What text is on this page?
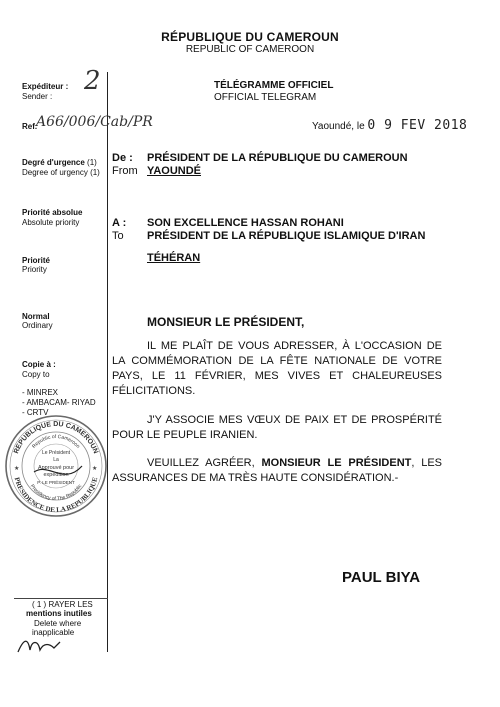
RÉPUBLIQUE DU CAMEROUN
REPUBLIC OF CAMEROON
Expéditeur :
Sender :
2
Ref.
A66/006/Cab/PR
Degré d'urgence (1)
Degree of urgency (1)
Priorité absolue
Absolute priority
Priorité
Priority
Normal
Ordinary
Copie à :
Copy to
- MINREX
- AMBACAM- RIYAD
- CRTV
REPUBLIQUE DU CAMEROUN
PRESIDENCE DE LA REPUBLIQUE
Republic of Cameroon
Presidency of The Republic
Le Président
La
Approuvé pour
expédition
P. LE PRÉSIDENT
★	★
( 1 ) RAYER LES
mentions inutiles
Delete where
inapplicable
TÉLÉGRAMME OFFICIEL
OFFICIAL TELEGRAM
Yaoundé, le 0 9 FEV 2018
De :
From
PRÉSIDENT DE LA RÉPUBLIQUE DU CAMEROUN
YAOUNDÉ
A :
To
SON EXCELLENCE HASSAN ROHANI
PRÉSIDENT DE LA RÉPUBLIQUE ISLAMIQUE D'IRAN
TÉHÉRAN
MONSIEUR LE PRÉSIDENT,
IL ME PLAÎT DE VOUS ADRESSER, À L'OCCASION DE LA COMMÉMORATION DE LA FÊTE NATIONALE DE VOTRE PAYS, LE 11 FÉVRIER, MES VIVES ET CHALEUREUSES FÉLICITATIONS.
J'Y ASSOCIE MES VŒUX DE PAIX ET DE PROSPÉRITÉ POUR LE PEUPLE IRANIEN.
VEUILLEZ AGRÉER, MONSIEUR LE PRÉSIDENT, LES ASSURANCES DE MA TRÈS HAUTE CONSIDÉRATION.-
PAUL BIYA
